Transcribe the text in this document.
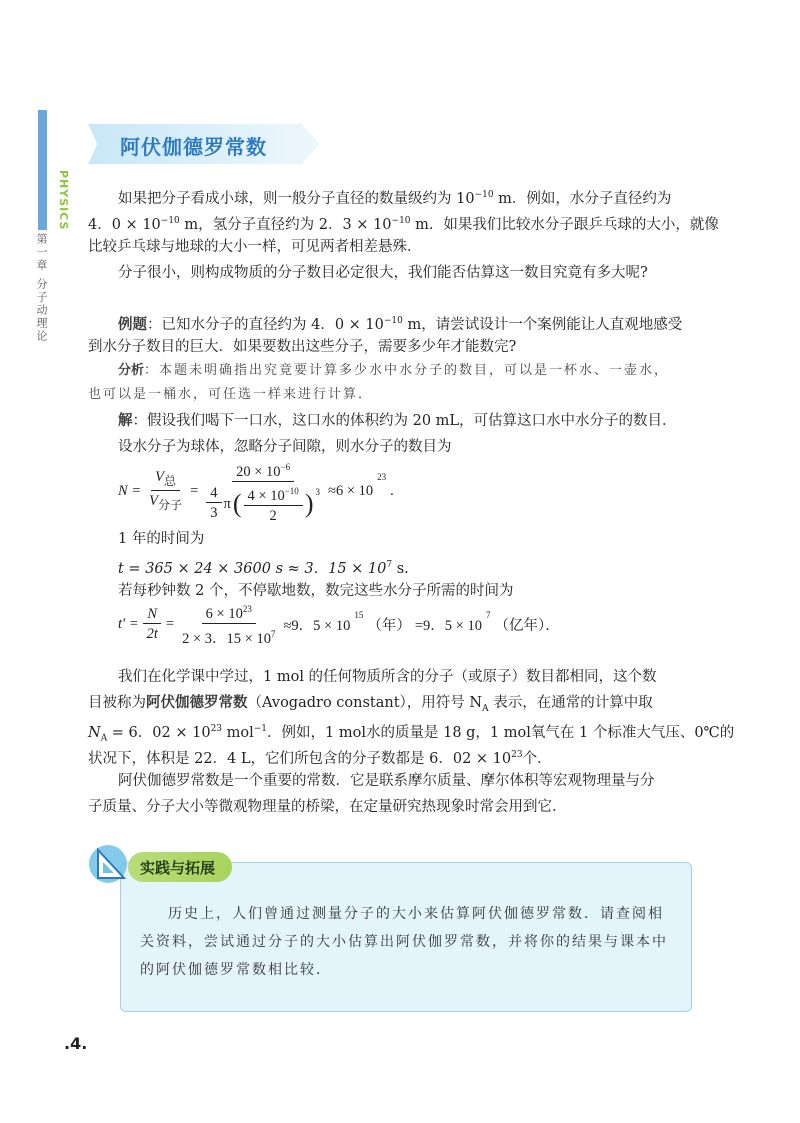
PHYSICS
第一章
分子动理论
阿伏伽德罗常数
如果把分子看成小球，则一般分子直径的数量级约为 $10^{-10}$ m．例如，水分子直径约为
4．$0 \times 10^{-10}$ m，氢分子直径约为 2．$3 \times 10^{-10}$ m．如果我们比较水分子跟乒乓球的大小，就像
比较乒乓球与地球的大小一样，可见两者相差悬殊．
分子很小，则构成物质的分子数目必定很大，我们能否估算这一数目究竟有多大呢?
例题：已知水分子的直径约为 4．$0 \times 10^{-10}$ m，请尝试设计一个案例能让人直观地感受
到水分子数目的巨大．如果要数出这些分子，需要多少年才能数完?
分析：本题未明确指出究竟要计算多少水中水分子的数目，可以是一杯水、一壶水，
也可以是一桶水，可任选一样来进行计算．
解：假设我们喝下一口水，这口水的体积约为 20 mL，可估算这口水中水分子的数目．
设水分子为球体，忽略分子间隙，则水分子的数目为
$N = \frac{V_总}{V_{分子}} = \frac{20 \times 10^{-6}}{\frac{4}{3} \pi ( \frac{4 \times 10^{-10}}{2} )^3} \approx 6 \times 10$
23
.
1 年的时间为
t = 365 × 24 × 3600 s ≈ 3．$15 \times 10^7$ s.
若每秒钟数 2 个，不停歇地数，数完这些水分子所需的时间为
$t' = \frac{N}{2t} = \frac{6 \times 10^{23}}{2 \times 3.15 \times 10^7} \approx 9$．5 × 10
$^{15}$
（年） =9．5 × 10
$^7$
（亿年）．
我们在化学课中学过，1 mol 的任何物质所含的分子（或原子）数目都相同，这个数
目被称为阿伏伽德罗常数（Avogadro constant），用符号 $N_A$ 表示，在通常的计算中取
$N_A = 6$．$02 \times 10^{23}$ mol$^{-1}$．例如，1 mol水的质量是 18 g，1 mol氧气在 1 个标准大气压、0℃的
状况下，体积是 22．4 L，它们所包含的分子数都是 6．$02 \times 10^{23}$个．
阿伏伽德罗常数是一个重要的常数．它是联系摩尔质量、摩尔体积等宏观物理量与分
子质量、分子大小等微观物理量的桥梁，在定量研究热现象时常会用到它．
实践与拓展
历史上，人们曾通过测量分子的大小来估算阿伏伽德罗常数．请查阅相关资料，尝试通过分子的大小估算出阿伏伽罗常数，并将你的结果与课本中的阿伏伽德罗常数相比较．
.4.
